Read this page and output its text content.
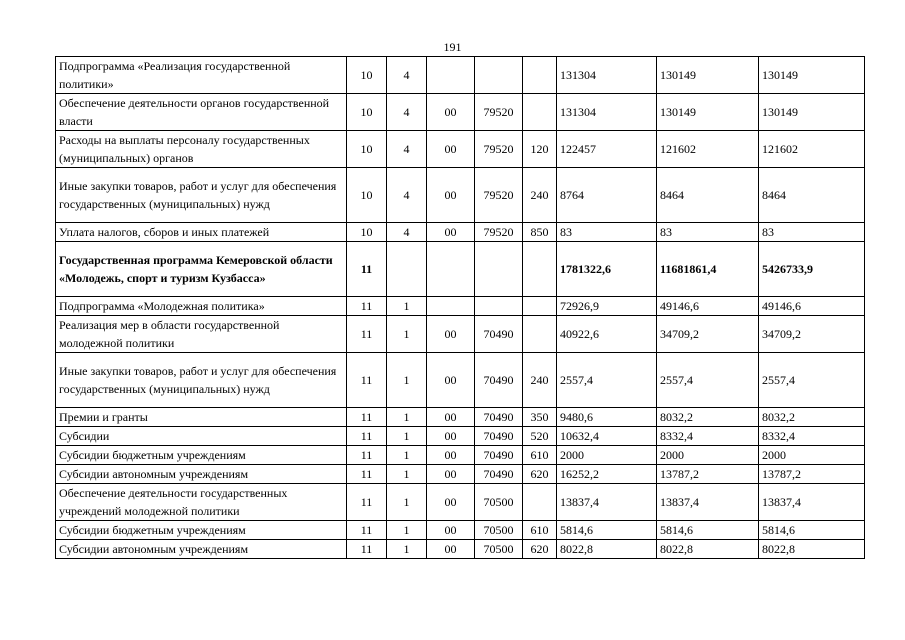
191
Подпрограмма «Реализация государственной политики»	10	4				131304	130149	130149
Обеспечение деятельности органов государственной власти	10	4	00	79520		131304	130149	130149
Расходы на выплаты персоналу государственных (муниципальных) органов	10	4	00	79520	120	122457	121602	121602
Иные закупки товаров, работ и услуг для обеспечения государственных (муниципальных) нужд	10	4	00	79520	240	8764	8464	8464
Уплата налогов, сборов и иных платежей	10	4	00	79520	850	83	83	83
Государственная программа Кемеровской области «Молодежь, спорт и туризм Кузбасса»	11					1781322,6	11681861,4	5426733,9
Подпрограмма «Молодежная политика»	11	1				72926,9	49146,6	49146,6
Реализация мер в области государственной молодежной политики	11	1	00	70490		40922,6	34709,2	34709,2
Иные закупки товаров, работ и услуг для обеспечения государственных (муниципальных) нужд	11	1	00	70490	240	2557,4	2557,4	2557,4
Премии и гранты	11	1	00	70490	350	9480,6	8032,2	8032,2
Субсидии	11	1	00	70490	520	10632,4	8332,4	8332,4
Субсидии бюджетным учреждениям	11	1	00	70490	610	2000	2000	2000
Субсидии автономным учреждениям	11	1	00	70490	620	16252,2	13787,2	13787,2
Обеспечение деятельности государственных учреждений молодежной политики	11	1	00	70500		13837,4	13837,4	13837,4
Субсидии бюджетным учреждениям	11	1	00	70500	610	5814,6	5814,6	5814,6
Субсидии автономным учреждениям	11	1	00	70500	620	8022,8	8022,8	8022,8
